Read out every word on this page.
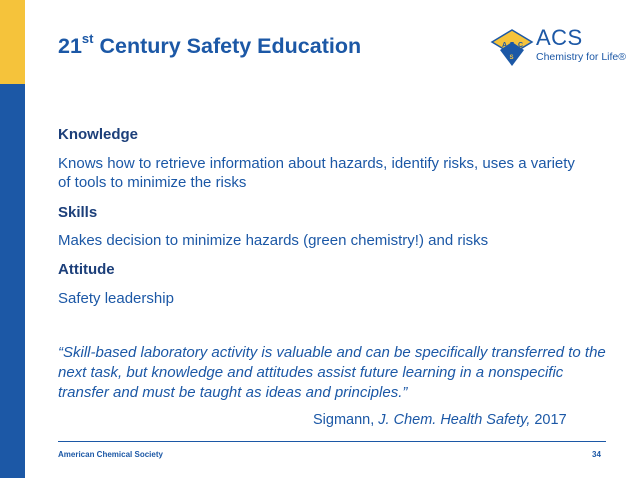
21st Century Safety Education	A Σ C
S
ACS
Chemistry for Life®
Knowledge
Knows how to retrieve information about hazards, identify risks, uses a variety of tools to minimize the risks
Skills
Makes decision to minimize hazards (green chemistry!) and risks
Attitude
Safety leadership
“Skill-based laboratory activity is valuable and can be specifically transferred to the next task, but knowledge and attitudes assist future learning in a nonspecific transfer and must be taught as ideas and principles.”
Sigmann, J. Chem. Health Safety, 2017
American Chemical Society	34
